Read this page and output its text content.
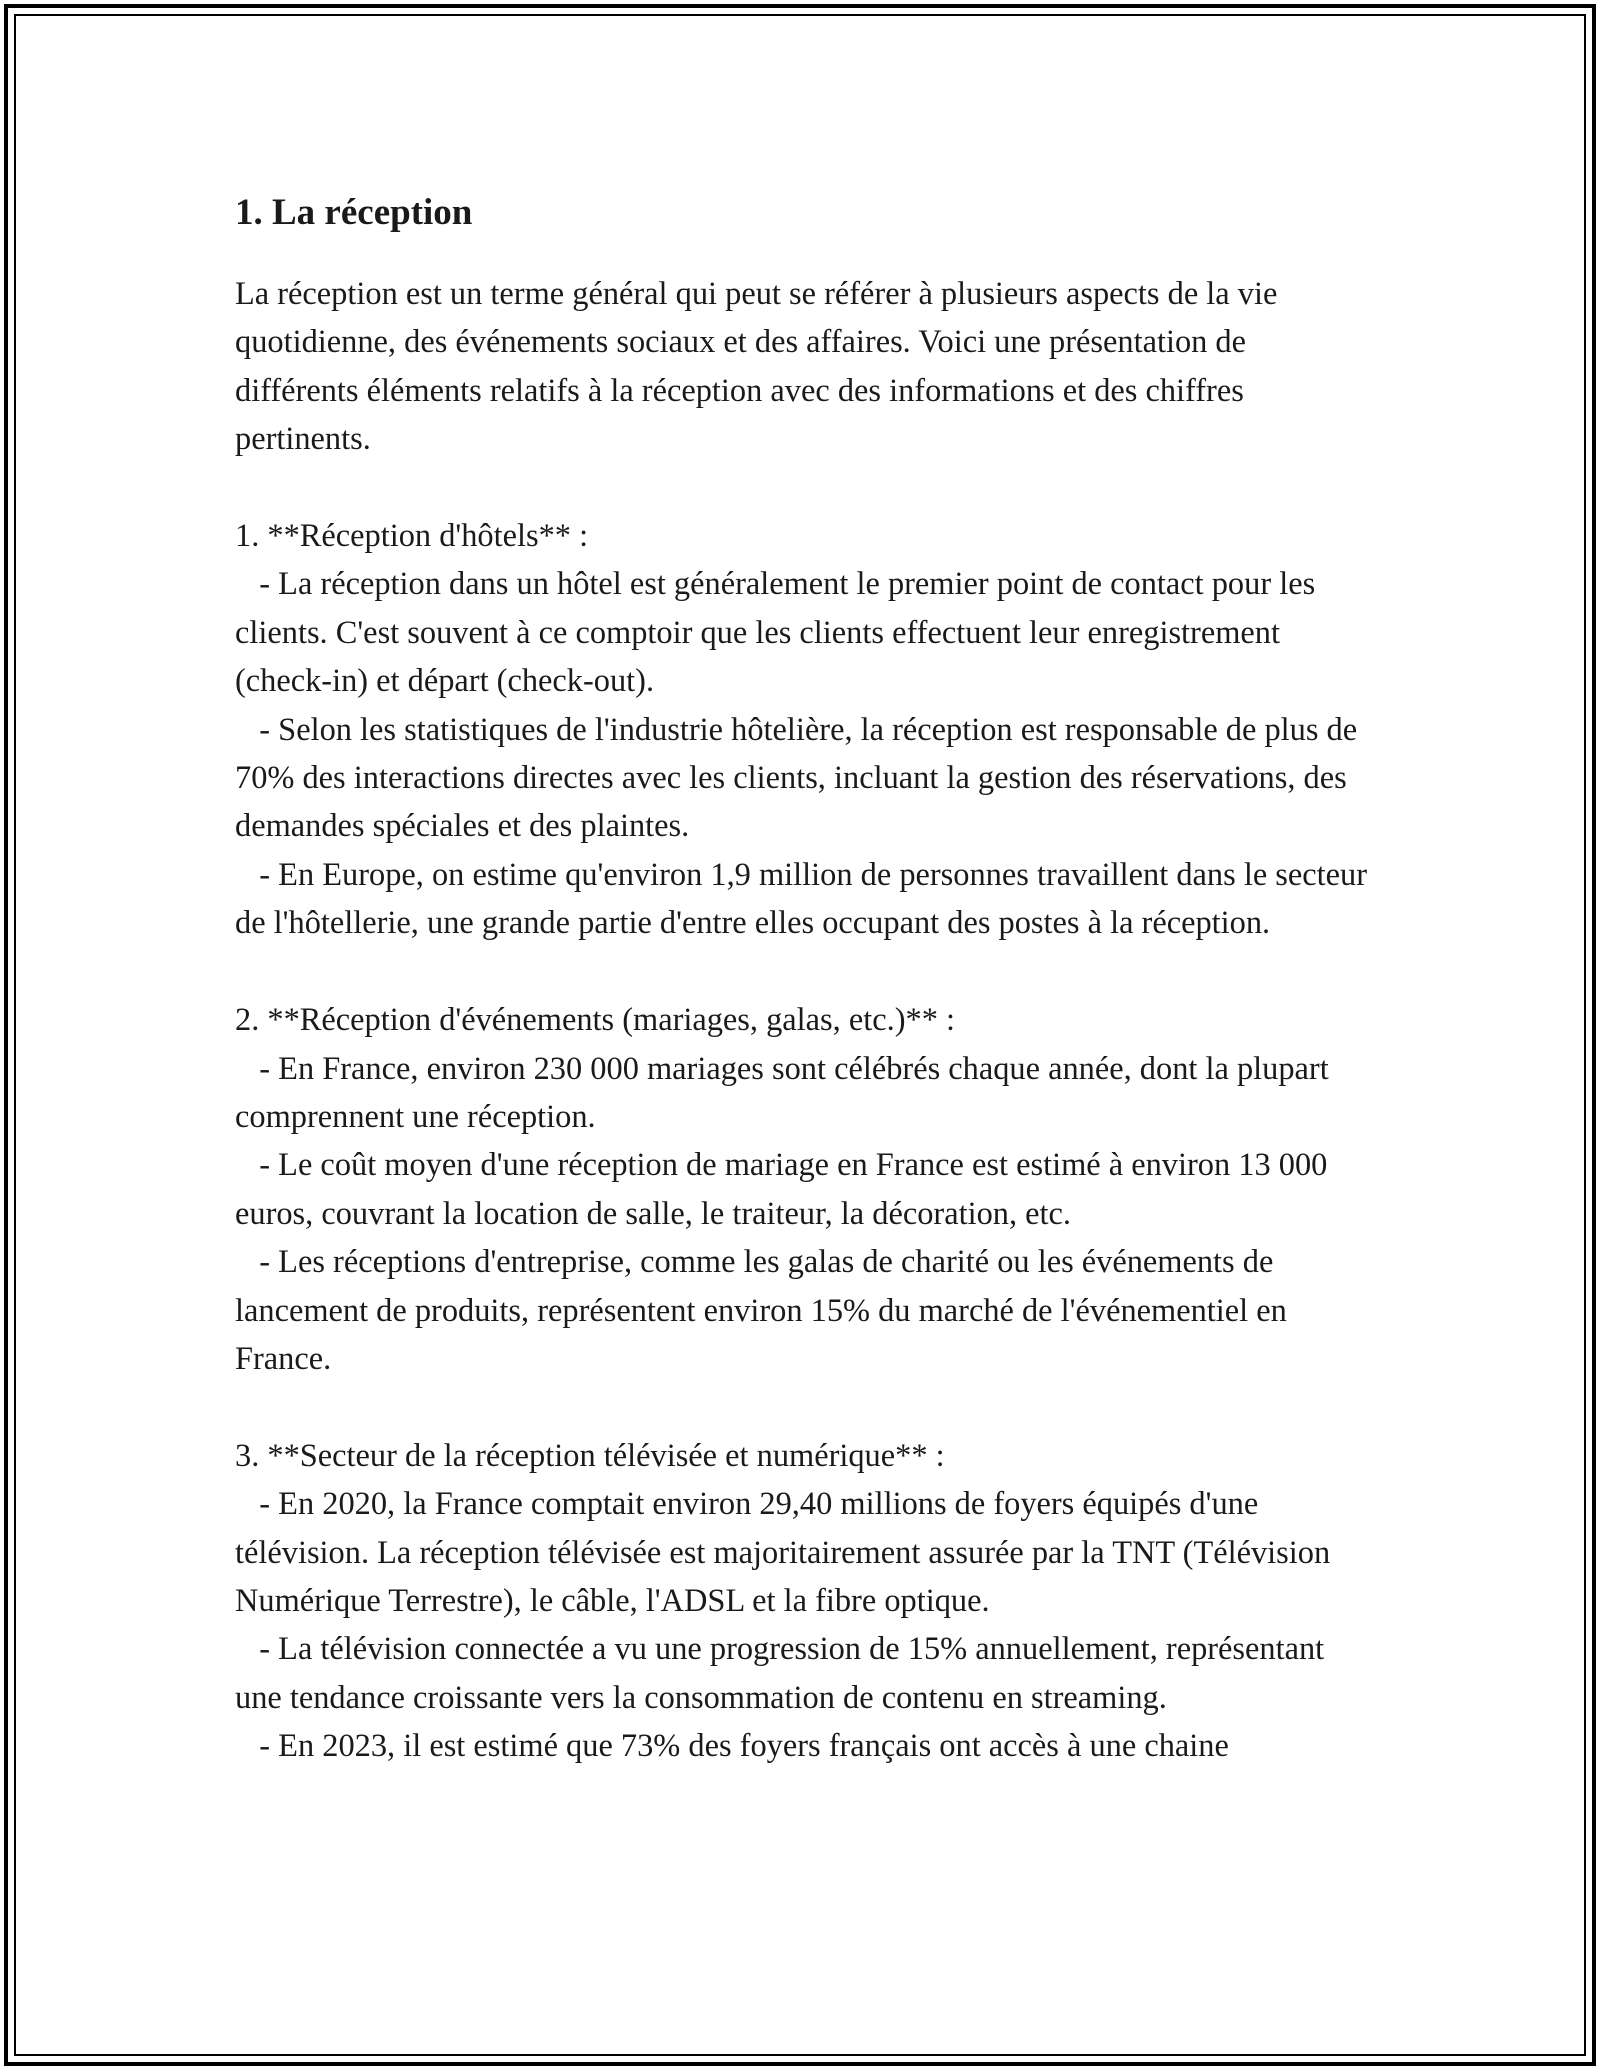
1. La réception
La réception est un terme général qui peut se référer à plusieurs aspects de la vie quotidienne, des événements sociaux et des affaires. Voici une présentation de différents éléments relatifs à la réception avec des informations et des chiffres pertinents.

1. **Réception d'hôtels** :
- La réception dans un hôtel est généralement le premier point de contact pour les clients. C'est souvent à ce comptoir que les clients effectuent leur enregistrement (check-in) et départ (check-out).
- Selon les statistiques de l'industrie hôtelière, la réception est responsable de plus de 70% des interactions directes avec les clients, incluant la gestion des réservations, des demandes spéciales et des plaintes.
- En Europe, on estime qu'environ 1,9 million de personnes travaillent dans le secteur de l'hôtellerie, une grande partie d'entre elles occupant des postes à la réception.

2. **Réception d'événements (mariages, galas, etc.)** :
- En France, environ 230 000 mariages sont célébrés chaque année, dont la plupart comprennent une réception.
- Le coût moyen d'une réception de mariage en France est estimé à environ 13 000 euros, couvrant la location de salle, le traiteur, la décoration, etc.
- Les réceptions d'entreprise, comme les galas de charité ou les événements de lancement de produits, représentent environ 15% du marché de l'événementiel en France.

3. **Secteur de la réception télévisée et numérique** :
- En 2020, la France comptait environ 29,40 millions de foyers équipés d'une télévision. La réception télévisée est majoritairement assurée par la TNT (Télévision Numérique Terrestre), le câble, l'ADSL et la fibre optique.
- La télévision connectée a vu une progression de 15% annuellement, représentant une tendance croissante vers la consommation de contenu en streaming.
- En 2023, il est estimé que 73% des foyers français ont accès à une chaine
